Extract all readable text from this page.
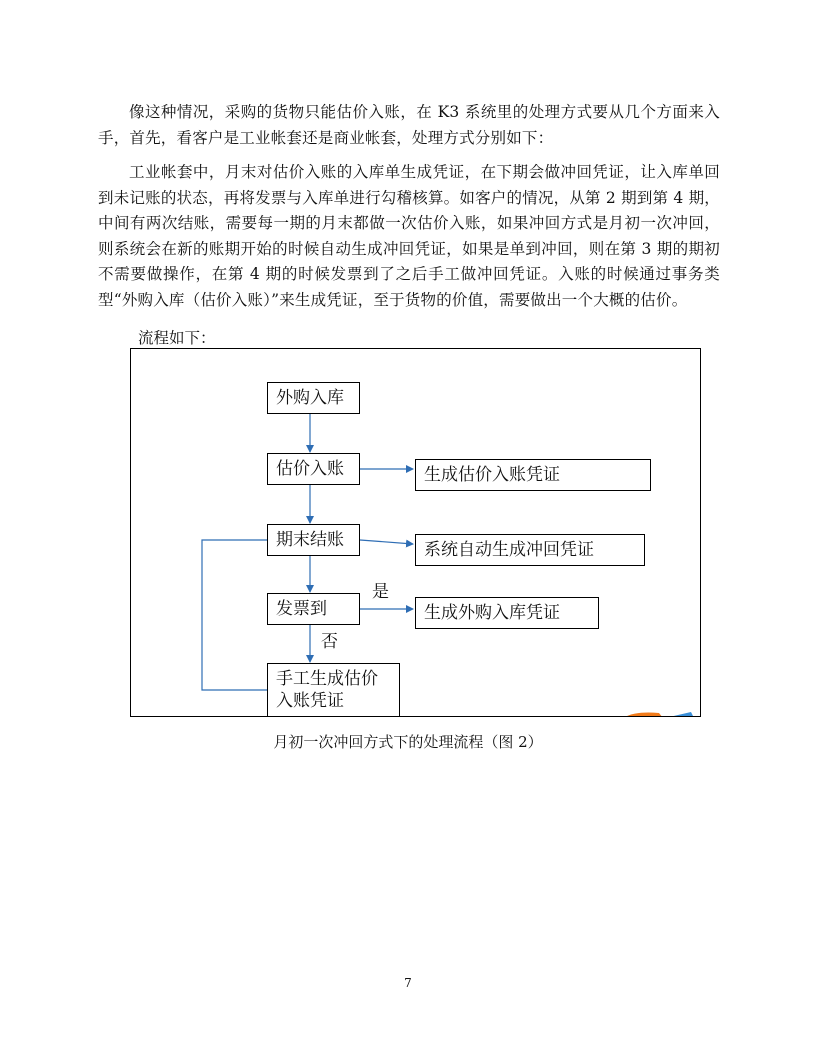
像这种情况，采购的货物只能估价入账，在 K3 系统里的处理方式要从几个方面来入手，首先，看客户是工业帐套还是商业帐套，处理方式分别如下：

工业帐套中，月末对估价入账的入库单生成凭证，在下期会做冲回凭证，让入库单回到未记账的状态，再将发票与入库单进行勾稽核算。如客户的情况，从第 2 期到第 4 期，中间有两次结账，需要每一期的月末都做一次估价入账，如果冲回方式是月初一次冲回，则系统会在新的账期开始的时候自动生成冲回凭证，如果是单到冲回，则在第 3 期的期初不需要做操作，在第 4 期的时候发票到了之后手工做冲回凭证。入账的时候通过事务类型“外购入库（估价入账）”来生成凭证，至于货物的价值，需要做出一个大概的估价。

流程如下：

外购入库
估价入账
期末结账
发票到
手工生成估价入账凭证
生成估价入账凭证
系统自动生成冲回凭证
生成外购入库凭证
是
否

月初一次冲回方式下的处理流程（图 2）

7
